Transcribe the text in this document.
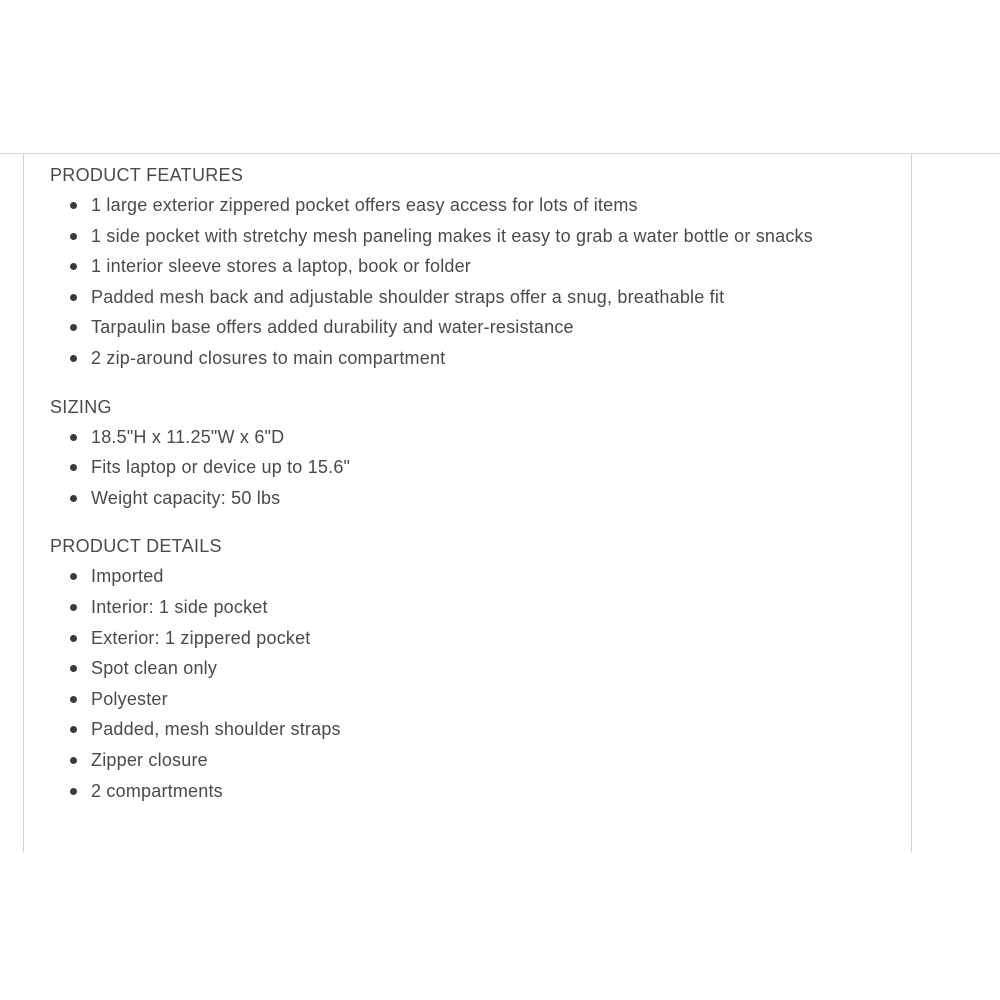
PRODUCT FEATURES
1 large exterior zippered pocket offers easy access for lots of items
1 side pocket with stretchy mesh paneling makes it easy to grab a water bottle or snacks
1 interior sleeve stores a laptop, book or folder
Padded mesh back and adjustable shoulder straps offer a snug, breathable fit
Tarpaulin base offers added durability and water-resistance
2 zip-around closures to main compartment
SIZING
18.5"H x 11.25"W x 6"D
Fits laptop or device up to 15.6"
Weight capacity: 50 lbs
PRODUCT DETAILS
Imported
Interior: 1 side pocket
Exterior: 1 zippered pocket
Spot clean only
Polyester
Padded, mesh shoulder straps
Zipper closure
2 compartments
